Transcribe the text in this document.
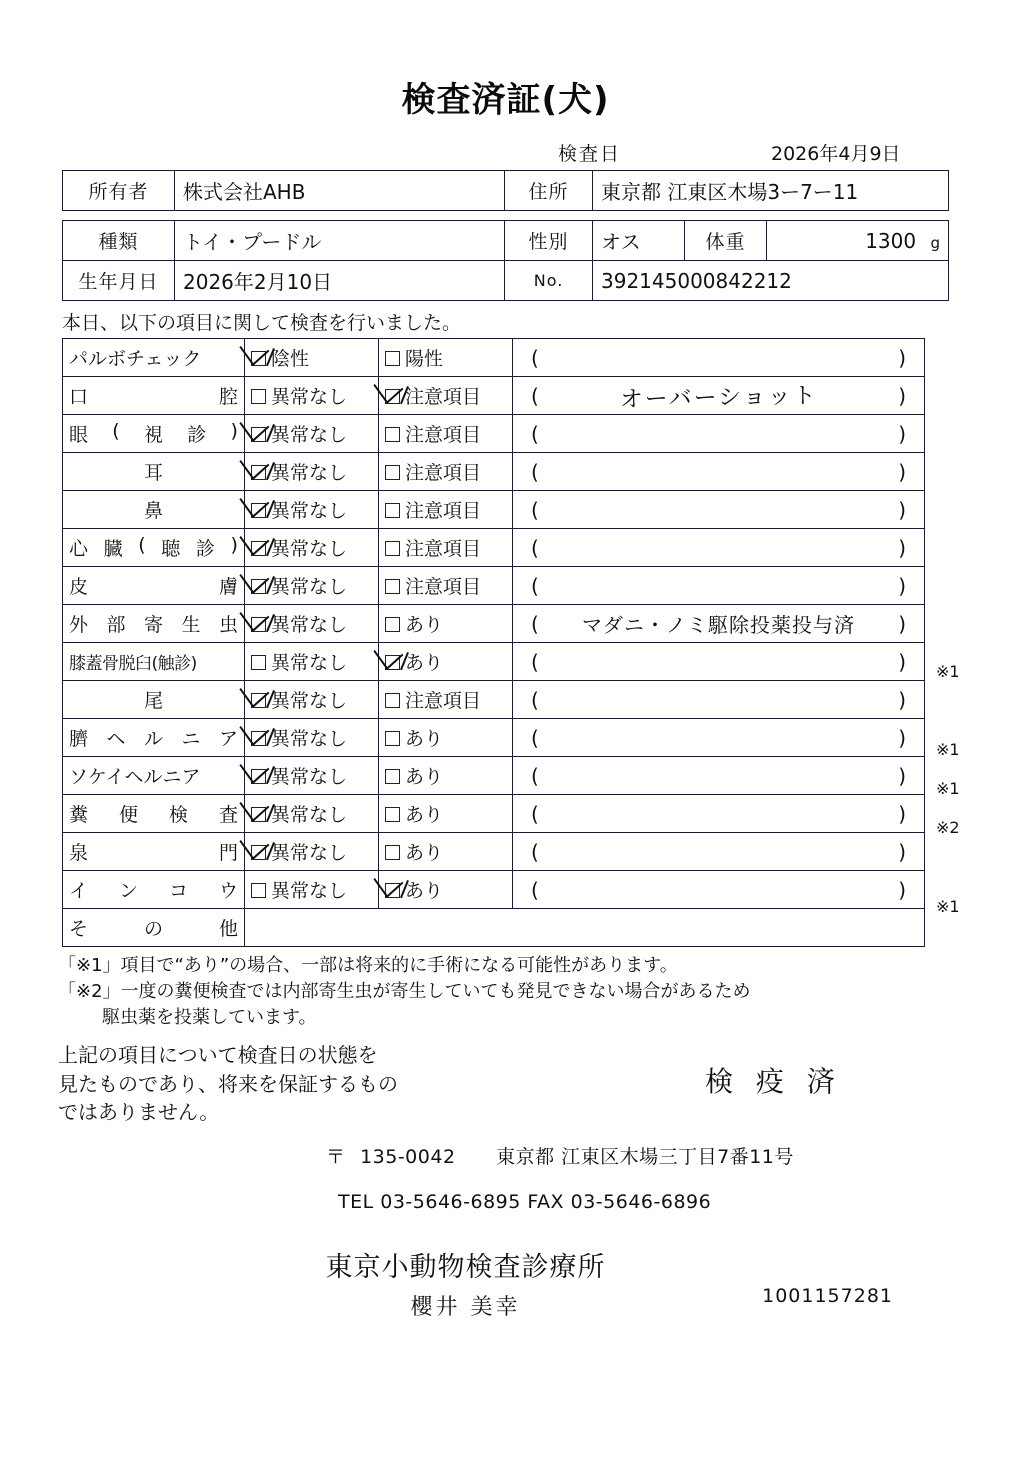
検査済証(犬)
検査日	2026年4月9日
所有者	株式会社AHB	住所	東京都 江東区木場3ー7ー11
種類	トイ・プードル	性別	オス	体重	1300 g
生年月日	2026年2月10日	No.	392145000842212		
本日、以下の項目に関して検査を行いました。
パルボチェック	陰性	陽性	( )

口 腔	異常なし	注意項目	( オーバーショット )

眼 ( 視 診 )	異常なし	注意項目	( )

耳	異常なし	注意項目	( )

鼻	異常なし	注意項目	( )

心 臓 ( 聴 診 )	異常なし	注意項目	(	)

皮 膚	異常なし	注意項目	( )

外 部 寄 生 虫	異常なし	あり	( マダニ・ノミ駆除投薬投与済 )

膝蓋骨脱臼(触診)	異常なし	あり	( )

尾	異常なし	注意項目	( )

臍 ヘ ル ニ ア	異常なし	あり	( )

ソケイヘルニア	異常なし	あり	( )

糞 便 検 査	異常なし	あり	( )

泉 門	異常なし	あり	( )

イ ン コ ウ	異常なし	あり	( )

そ の 他			

※1
※1
※1
※2
※1
「※1」項目で“あり”の場合、一部は将来的に手術になる可能性があります。
「※2」一度の糞便検査では内部寄生虫が寄生していても発見できない場合があるため
駆虫薬を投薬しています。
上記の項目について検査日の状態を
見たものであり、将来を保証するもの
ではありません。
検 疫 済
〒 135-0042 東京都 江東区木場三丁目7番11号
TEL 03-5646-6895 FAX 03-5646-6896
東京小動物検査診療所
櫻井 美幸	1001157281
